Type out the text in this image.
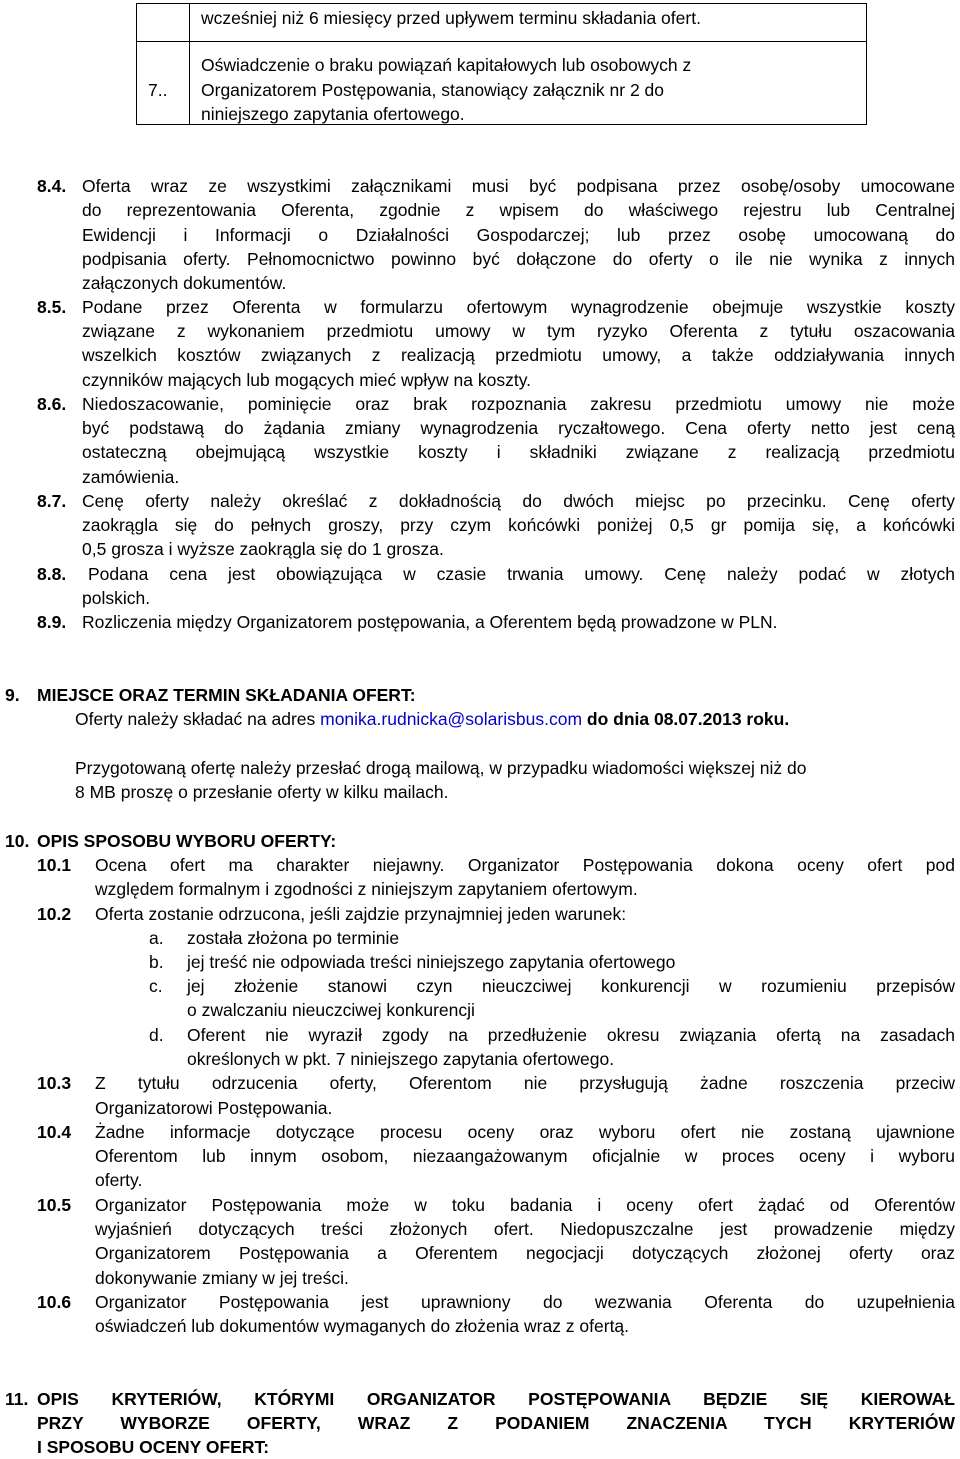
wcześniej niż 6 miesięcy przed upływem terminu składania ofert.
7..
Oświadczenie o braku powiązań kapitałowych lub osobowych z
Organizatorem Postępowania, stanowiący załącznik nr 2 do
niniejszego zapytania ofertowego.
8.4. Oferta wraz ze wszystkimi załącznikami musi być podpisana przez osobę/osoby umocowane
do reprezentowania Oferenta, zgodnie z wpisem do właściwego rejestru lub Centralnej
Ewidencji i Informacji o Działalności Gospodarczej; lub przez osobę umocowaną do
podpisania oferty. Pełnomocnictwo powinno być dołączone do oferty o ile nie wynika z innych
załączonych dokumentów.
8.5. Podane przez Oferenta w formularzu ofertowym wynagrodzenie obejmuje wszystkie koszty
związane z wykonaniem przedmiotu umowy w tym ryzyko Oferenta z tytułu oszacowania
wszelkich kosztów związanych z realizacją przedmiotu umowy, a także oddziaływania innych
czynników mających lub mogących mieć wpływ na koszty.
8.6. Niedoszacowanie, pominięcie oraz brak rozpoznania zakresu przedmiotu umowy nie może
być podstawą do żądania zmiany wynagrodzenia ryczałtowego. Cena oferty netto jest ceną
ostateczną obejmującą wszystkie koszty i składniki związane z realizacją przedmiotu
zamówienia.
8.7. Cenę oferty należy określać z dokładnością do dwóch miejsc po przecinku. Cenę oferty
zaokrągla się do pełnych groszy, przy czym końcówki poniżej 0,5 gr pomija się, a końcówki
0,5 grosza i wyższe zaokrągla się do 1 grosza.
8.8. Podana cena jest obowiązująca w czasie trwania umowy. Cenę należy podać w złotych
polskich.
8.9. Rozliczenia między Organizatorem postępowania, a Oferentem będą prowadzone w PLN.
9. MIEJSCE ORAZ TERMIN SKŁADANIA OFERT:
Oferty należy składać na adres monika.rudnicka@solarisbus.com do dnia 08.07.2013 roku.
Przygotowaną ofertę należy przesłać drogą mailową, w przypadku wiadomości większej niż do
8 MB proszę o przesłanie oferty w kilku mailach.
10. OPIS SPOSOBU WYBORU OFERTY:
10.1 Ocena ofert ma charakter niejawny. Organizator Postępowania dokona oceny ofert pod
względem formalnym i zgodności z niniejszym zapytaniem ofertowym.
10.2 Oferta zostanie odrzucona, jeśli zajdzie przynajmniej jeden warunek:
a. została złożona po terminie
b. jej treść nie odpowiada treści niniejszego zapytania ofertowego
c. jej złożenie stanowi czyn nieuczciwej konkurencji w rozumieniu przepisów
o zwalczaniu nieuczciwej konkurencji
d. Oferent nie wyraził zgody na przedłużenie okresu związania ofertą na zasadach
określonych w pkt. 7 niniejszego zapytania ofertowego.
10.3 Z tytułu odrzucenia oferty, Oferentom nie przysługują żadne roszczenia przeciw
Organizatorowi Postępowania.
10.4 Żadne informacje dotyczące procesu oceny oraz wyboru ofert nie zostaną ujawnione
Oferentom lub innym osobom, niezaangażowanym oficjalnie w proces oceny i wyboru
oferty.
10.5 Organizator Postępowania może w toku badania i oceny ofert żądać od Oferentów
wyjaśnień dotyczących treści złożonych ofert. Niedopuszczalne jest prowadzenie między
Organizatorem Postępowania a Oferentem negocjacji dotyczących złożonej oferty oraz
dokonywanie zmiany w jej treści.
10.6 Organizator Postępowania jest uprawniony do wezwania Oferenta do uzupełnienia
oświadczeń lub dokumentów wymaganych do złożenia wraz z ofertą.
11. OPIS KRYTERIÓW, KTÓRYMI ORGANIZATOR POSTĘPOWANIA BĘDZIE SIĘ KIEROWAŁ
PRZY WYBORZE OFERTY, WRAZ Z PODANIEM ZNACZENIA TYCH KRYTERIÓW
I SPOSOBU OCENY OFERT:
